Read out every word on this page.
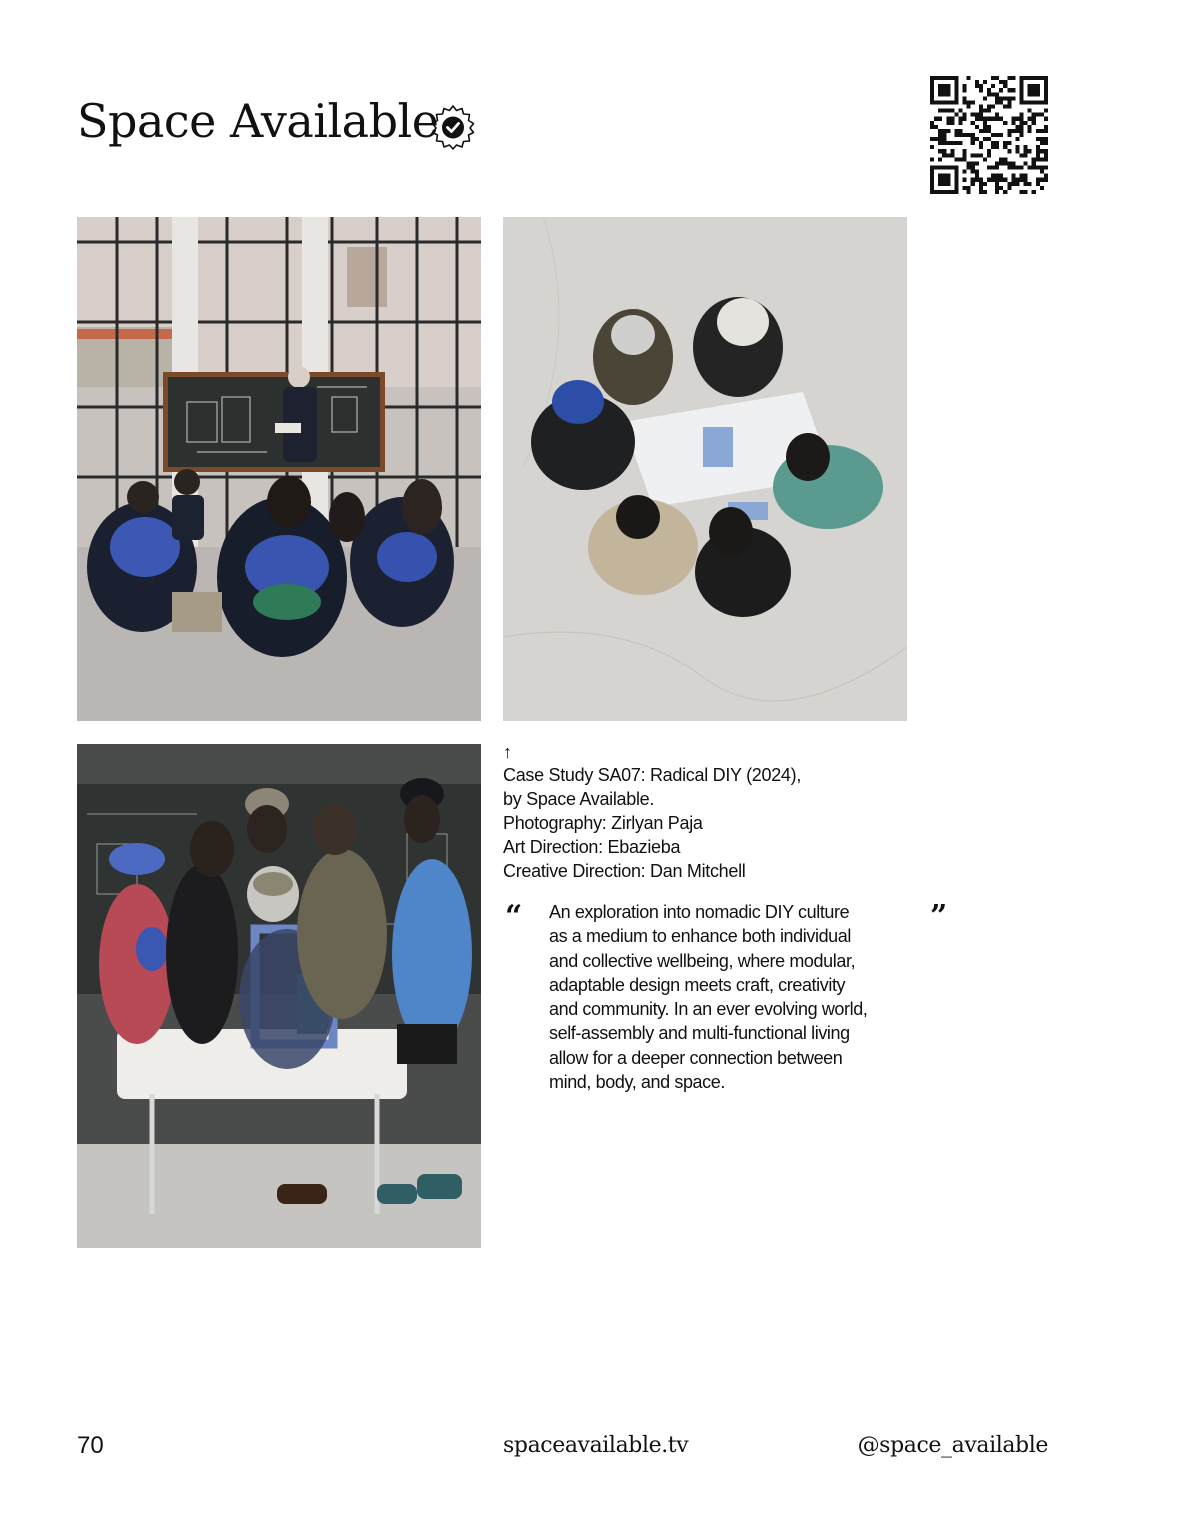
Space Available
↑
Case Study SA07: Radical DIY (2024),
by Space Available.
Photography: Zirlyan Paja
Art Direction: Ebazieba
Creative Direction: Dan Mitchell
“ An exploration into nomadic DIY culture
as a medium to enhance both individual
and collective wellbeing, where modular,
adaptable design meets craft, creativity
and community. In an ever evolving world,
self-assembly and multi-functional living
allow for a deeper connection between
mind, body, and space.
”
70	spaceavailable.tv	@space_available
